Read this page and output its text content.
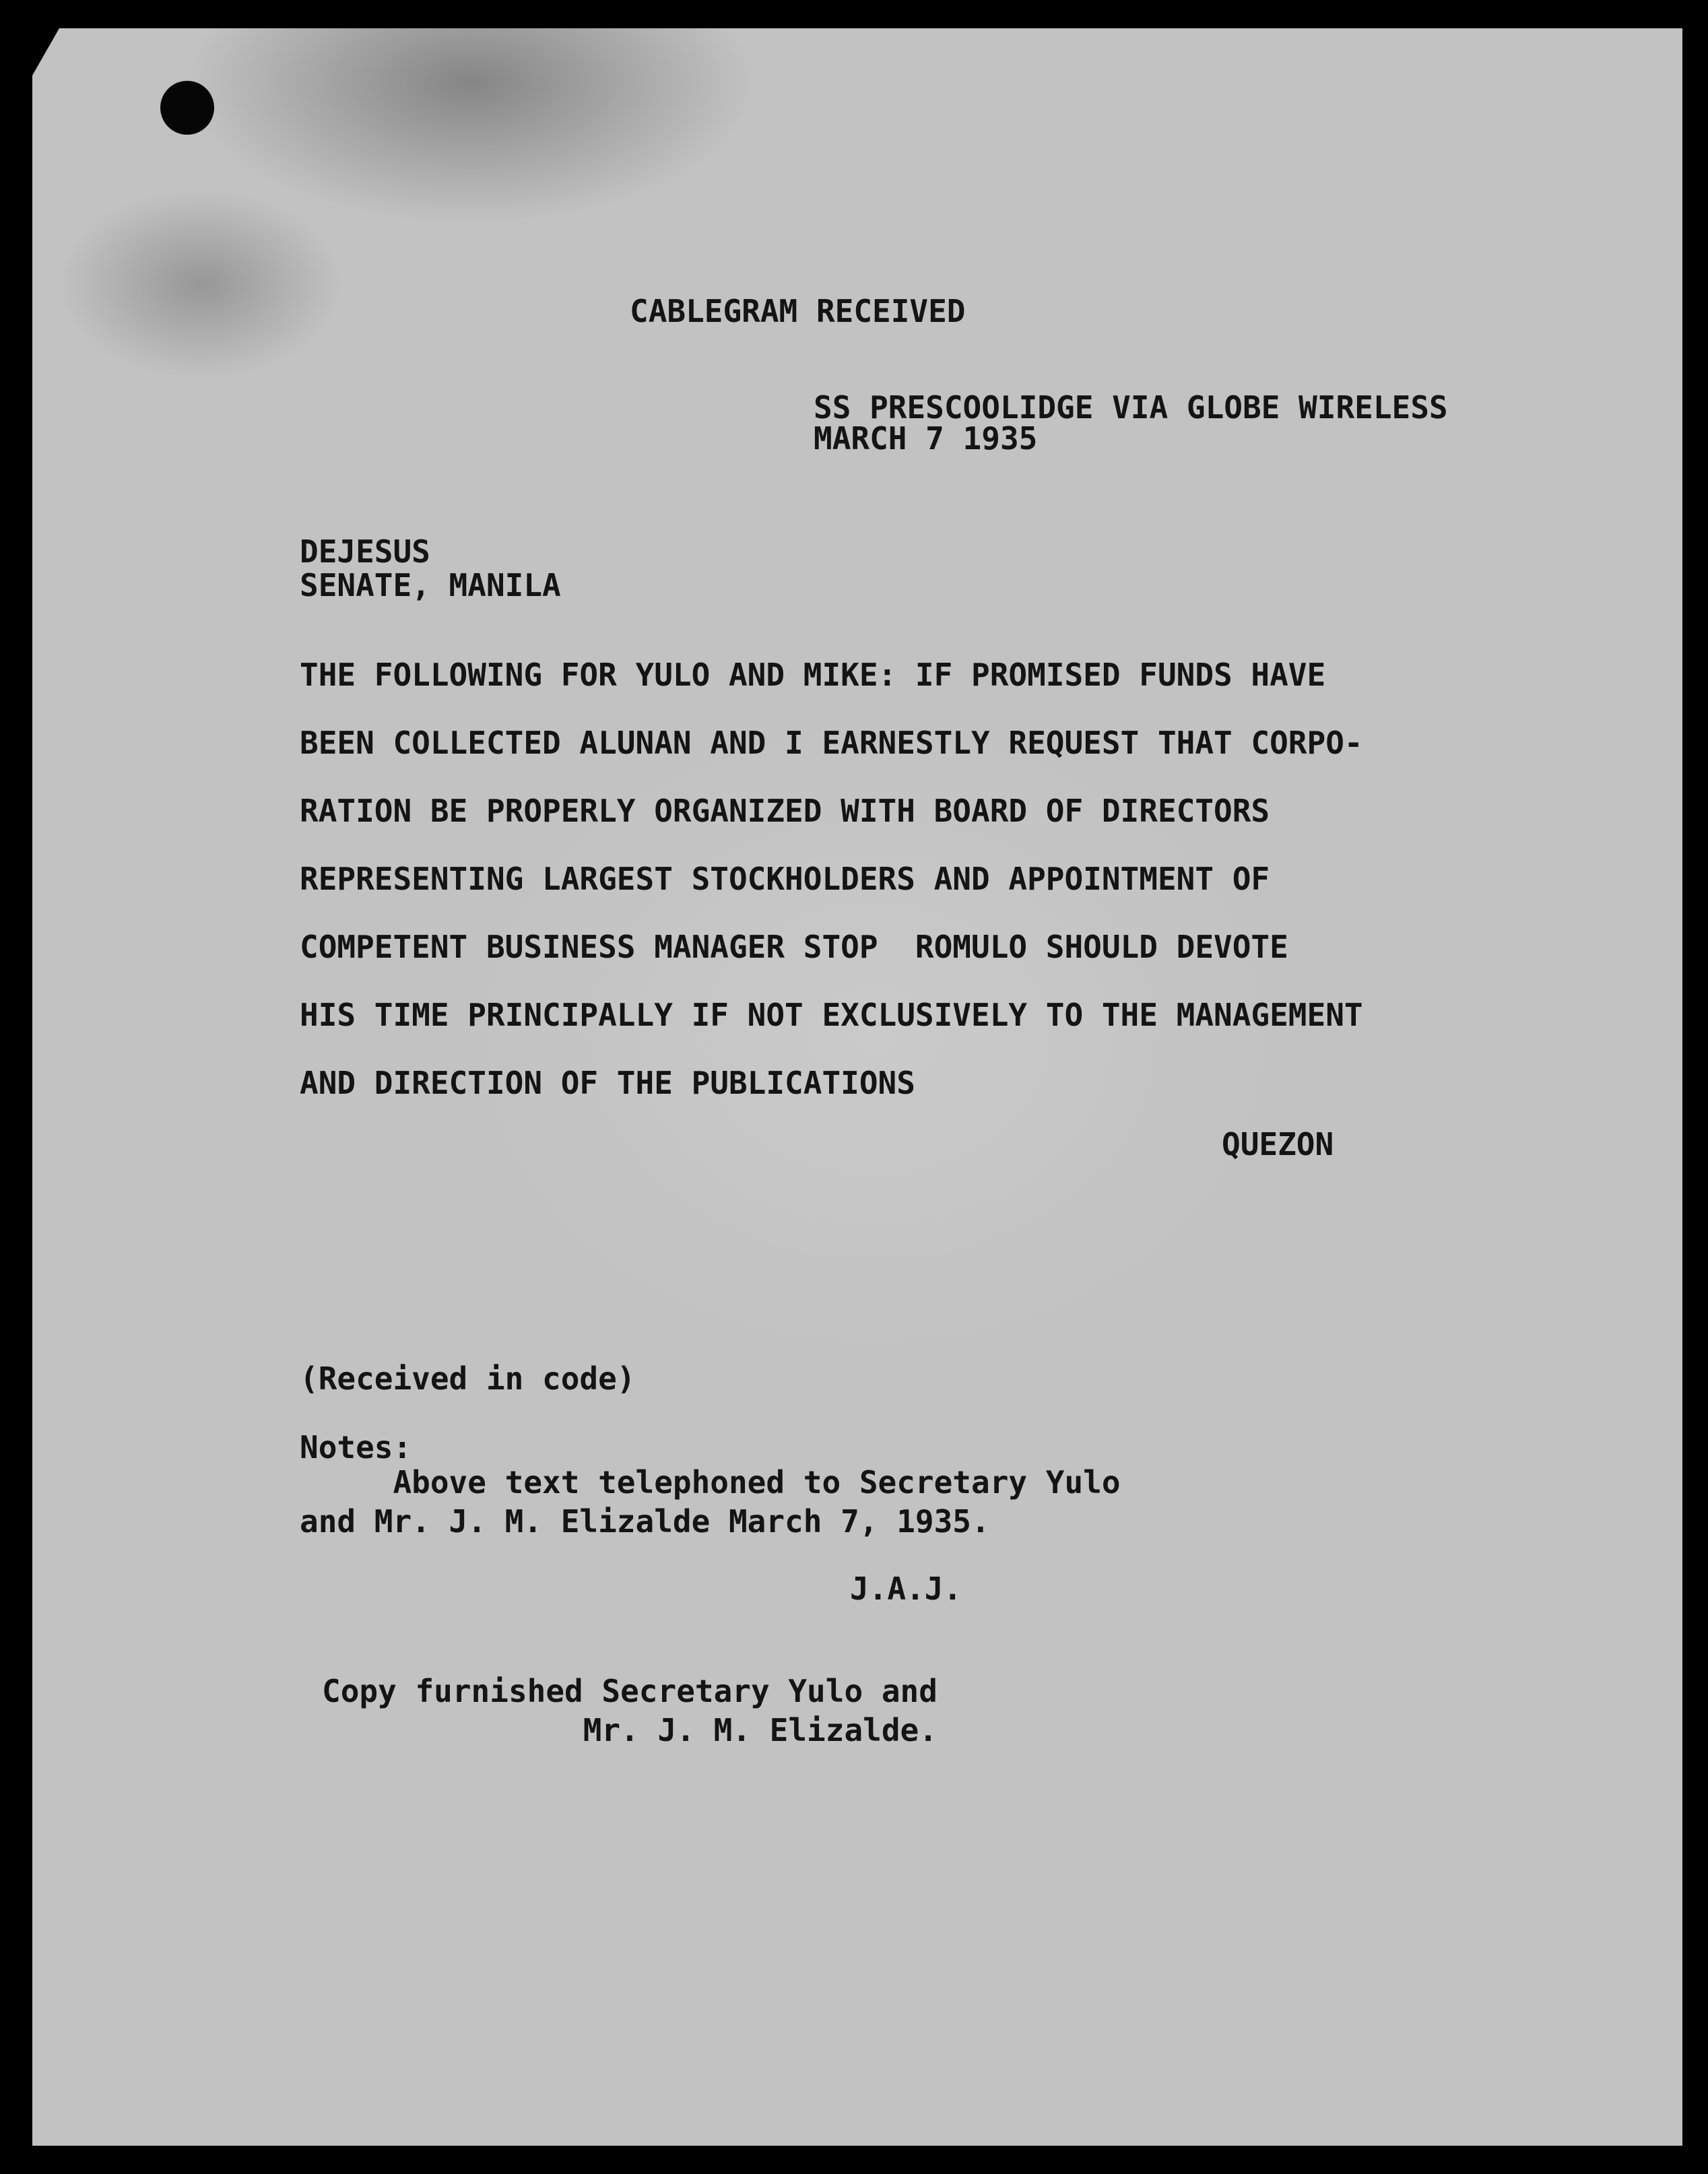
CABLEGRAM RECEIVED
SS PRESCOOLIDGE VIA GLOBE WIRELESS
MARCH 7 1935
DEJESUS
SENATE, MANILA
THE FOLLOWING FOR YULO AND MIKE: IF PROMISED FUNDS HAVE
BEEN COLLECTED ALUNAN AND I EARNESTLY REQUEST THAT CORPO-
RATION BE PROPERLY ORGANIZED WITH BOARD OF DIRECTORS
REPRESENTING LARGEST STOCKHOLDERS AND APPOINTMENT OF
COMPETENT BUSINESS MANAGER STOP  ROMULO SHOULD DEVOTE
HIS TIME PRINCIPALLY IF NOT EXCLUSIVELY TO THE MANAGEMENT
AND DIRECTION OF THE PUBLICATIONS
QUEZON
(Received in code)
Notes:
Above text telephoned to Secretary Yulo
and Mr. J. M. Elizalde March 7, 1935.
J.A.J.
Copy furnished Secretary Yulo and
Mr. J. M. Elizalde.
